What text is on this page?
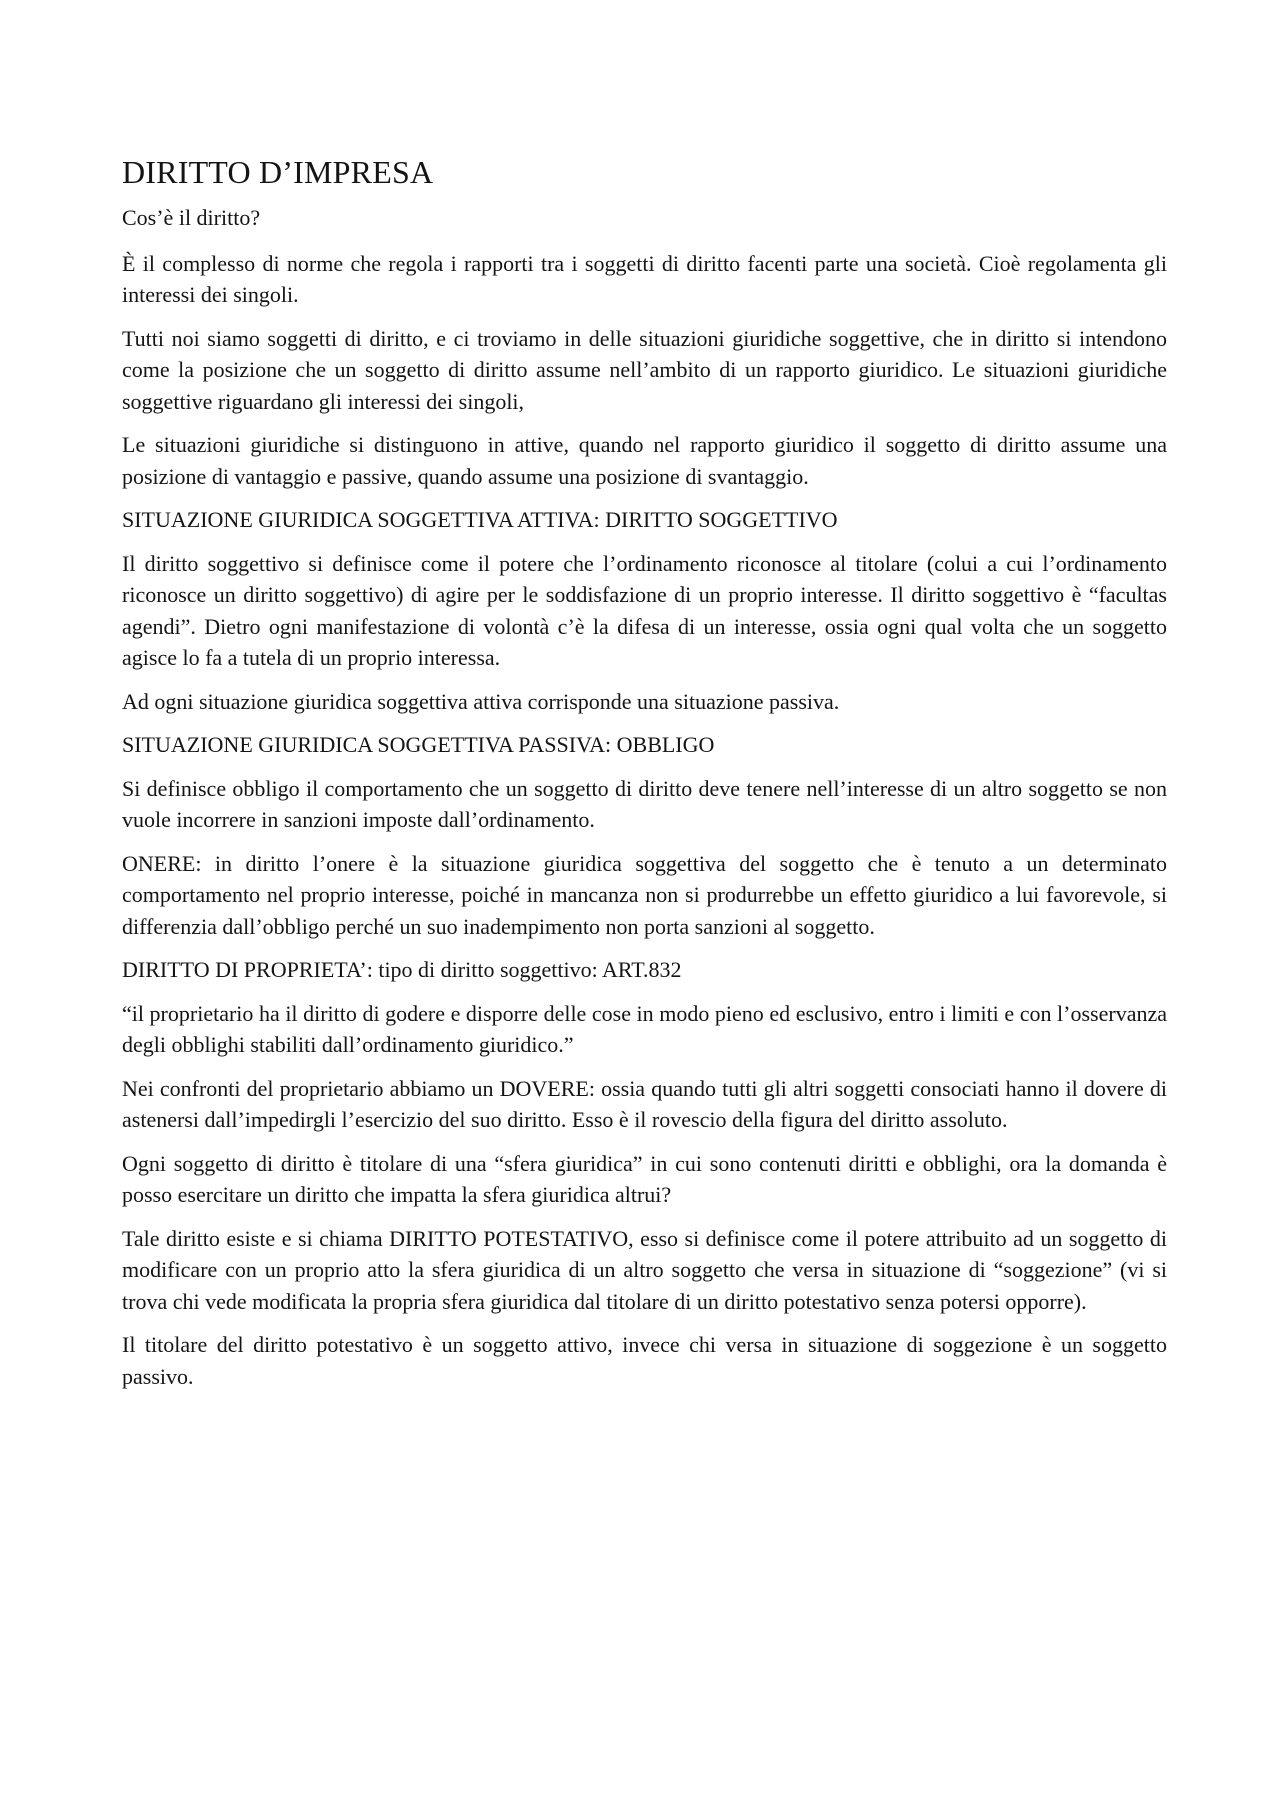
DIRITTO D’IMPRESA

Cos’è il diritto?

È il complesso di norme che regola i rapporti tra i soggetti di diritto facenti parte una società. Cioè regolamenta gli interessi dei singoli.

Tutti noi siamo soggetti di diritto, e ci troviamo in delle situazioni giuridiche soggettive, che in diritto si intendono come la posizione che un soggetto di diritto assume nell’ambito di un rapporto giuridico. Le situazioni giuridiche soggettive riguardano gli interessi dei singoli,

Le situazioni giuridiche si distinguono in attive, quando nel rapporto giuridico il soggetto di diritto assume una posizione di vantaggio e passive, quando assume una posizione di svantaggio.

SITUAZIONE GIURIDICA SOGGETTIVA ATTIVA: DIRITTO SOGGETTIVO

Il diritto soggettivo si definisce come il potere che l’ordinamento riconosce al titolare (colui a cui l’ordinamento riconosce un diritto soggettivo) di agire per le soddisfazione di un proprio interesse. Il diritto soggettivo è “facultas agendi”. Dietro ogni manifestazione di volontà c’è la difesa di un interesse, ossia ogni qual volta che un soggetto agisce lo fa a tutela di un proprio interessa.

Ad ogni situazione giuridica soggettiva attiva corrisponde una situazione passiva.

SITUAZIONE GIURIDICA SOGGETTIVA PASSIVA: OBBLIGO

Si definisce obbligo il comportamento che un soggetto di diritto deve tenere nell’interesse di un altro soggetto se non vuole incorrere in sanzioni imposte dall’ordinamento.

ONERE: in diritto l’onere è la situazione giuridica soggettiva del soggetto che è tenuto a un determinato comportamento nel proprio interesse, poiché in mancanza non si produrrebbe un effetto giuridico a lui favorevole, si differenzia dall’obbligo perché un suo inadempimento non porta sanzioni al soggetto.

DIRITTO DI PROPRIETA’: tipo di diritto soggettivo: ART.832

“il proprietario ha il diritto di godere e disporre delle cose in modo pieno ed esclusivo, entro i limiti e con l’osservanza degli obblighi stabiliti dall’ordinamento giuridico.”

Nei confronti del proprietario abbiamo un DOVERE: ossia quando tutti gli altri soggetti consociati hanno il dovere di astenersi dall’impedirgli l’esercizio del suo diritto. Esso è il rovescio della figura del diritto assoluto.

Ogni soggetto di diritto è titolare di una “sfera giuridica” in cui sono contenuti diritti e obblighi, ora la domanda è posso esercitare un diritto che impatta la sfera giuridica altrui?

Tale diritto esiste e si chiama DIRITTO POTESTATIVO, esso si definisce come il potere attribuito ad un soggetto di modificare con un proprio atto la sfera giuridica di un altro soggetto che versa in situazione di “soggezione” (vi si trova chi vede modificata la propria sfera giuridica dal titolare di un diritto potestativo senza potersi opporre).

Il titolare del diritto potestativo è un soggetto attivo, invece chi versa in situazione di soggezione è un soggetto passivo.
